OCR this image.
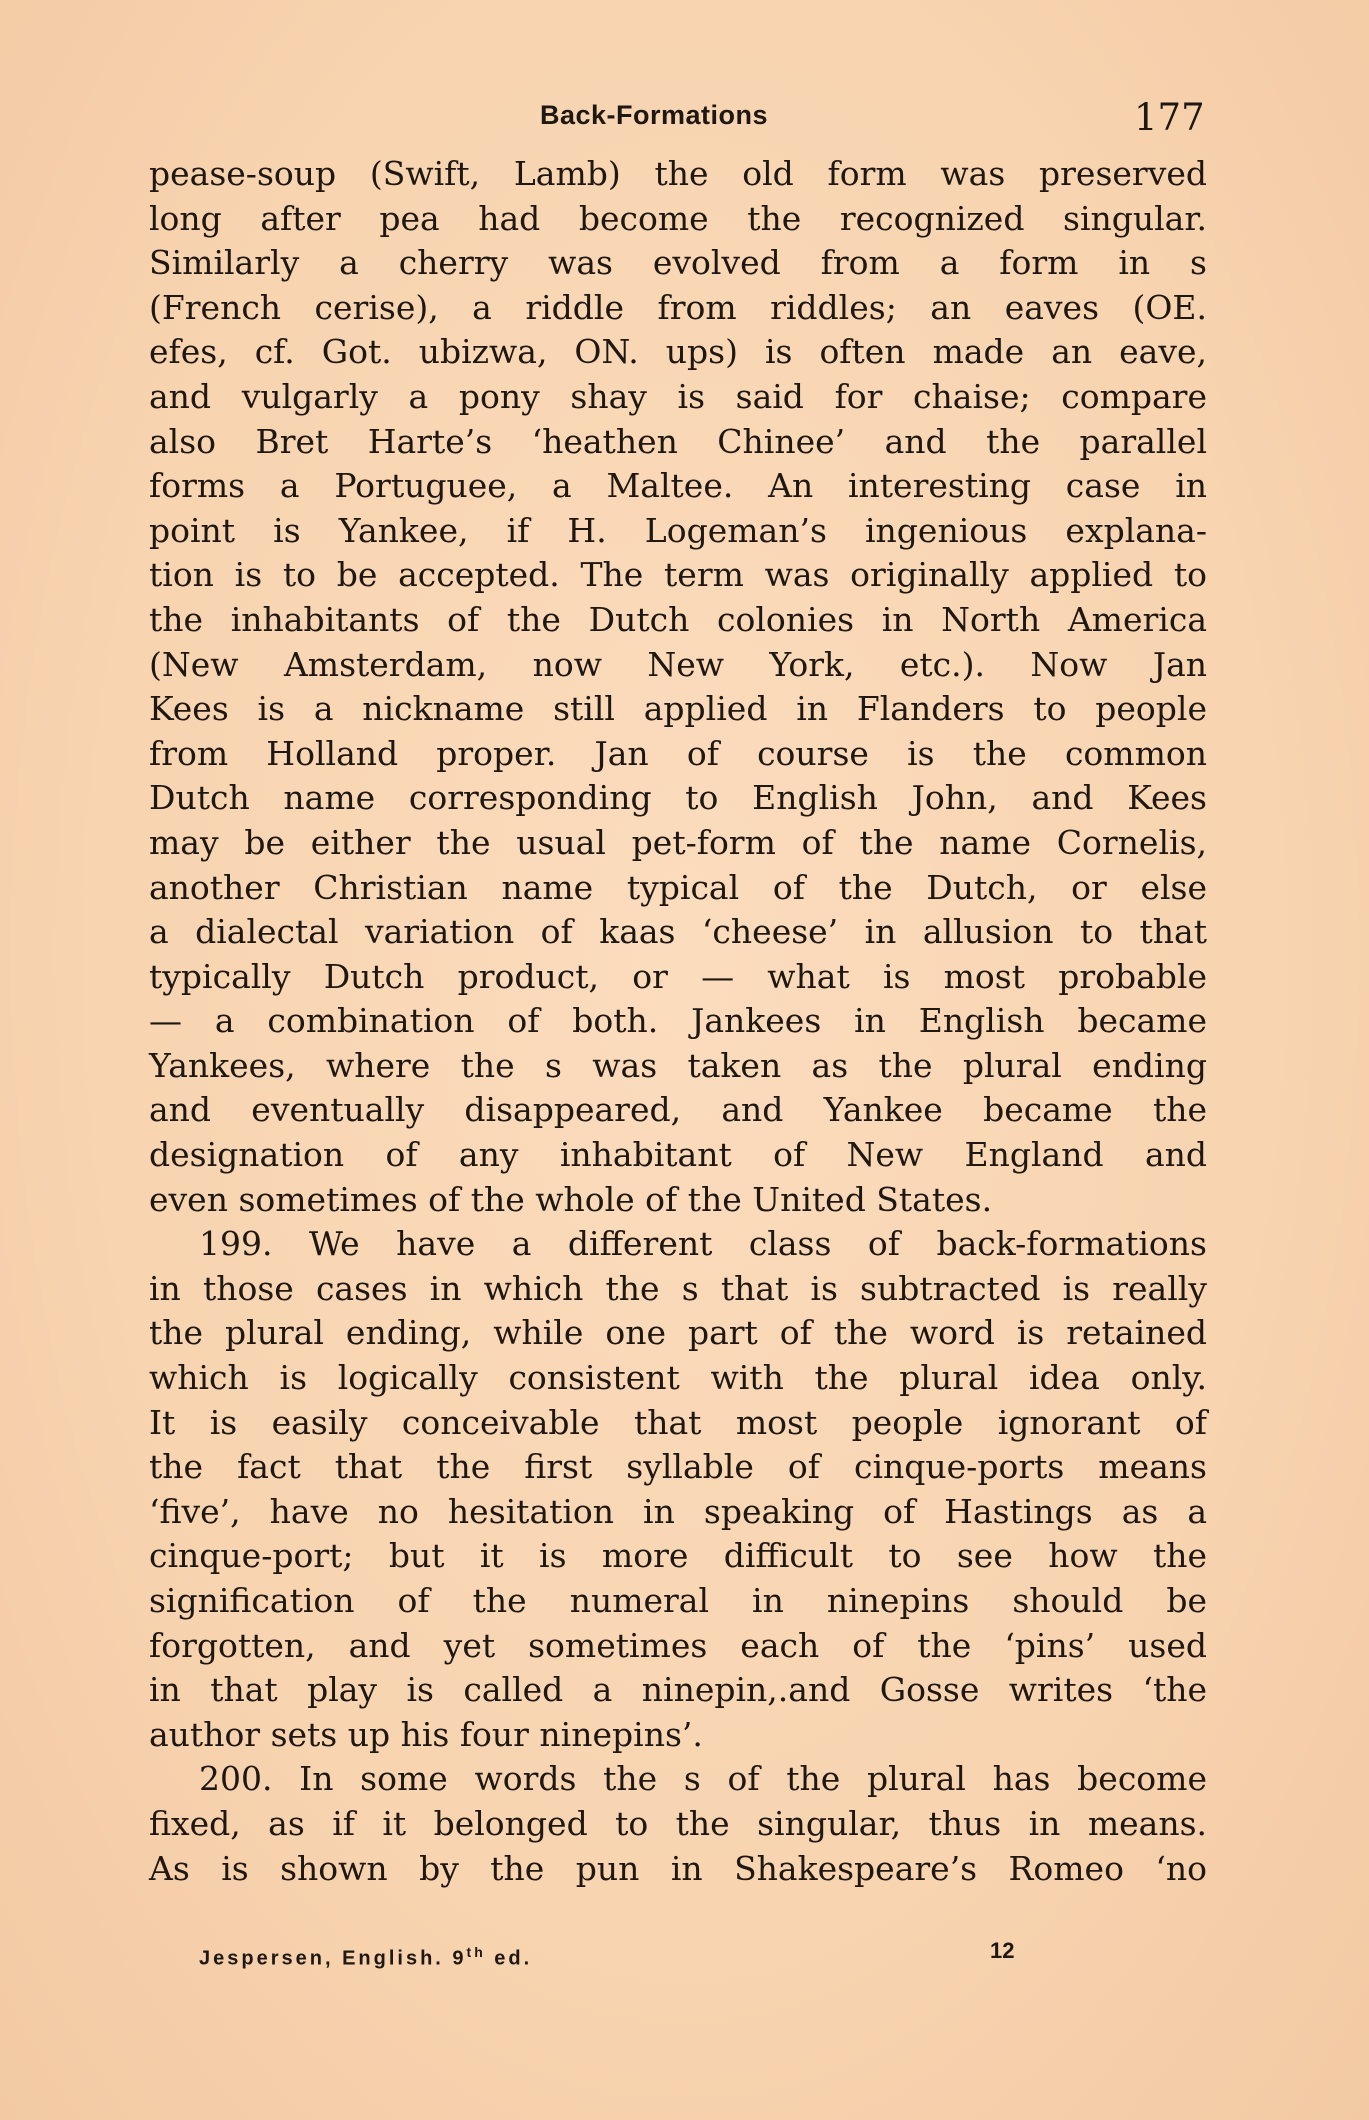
Back-Formations	177
pease-soup (Swift, Lamb) the old form was preserved
long after pea had become the recognized singular.
Similarly a cherry was evolved from a form in s
(French cerise), a riddle from riddles; an eaves (OE.
efes, cf. Got. ubizwa, ON. ups) is often made an eave,
and vulgarly a pony shay is said for chaise; compare
also Bret Harte’s ‘heathen Chinee’ and the parallel
forms a Portuguee, a Maltee. An interesting case in
point is Yankee, if H. Logeman’s ingenious explana-
tion is to be accepted. The term was originally applied to
the inhabitants of the Dutch colonies in North America
(New Amsterdam, now New York, etc.). Now Jan
Kees is a nickname still applied in Flanders to people
from Holland proper. Jan of course is the common
Dutch name corresponding to English John, and Kees
may be either the usual pet-form of the name Cornelis,
another Christian name typical of the Dutch, or else
a dialectal variation of kaas ‘cheese’ in allusion to that
typically Dutch product, or — what is most probable
— a combination of both. Jankees in English became
Yankees, where the s was taken as the plural ending
and eventually disappeared, and Yankee became the
designation of any inhabitant of New England and
even sometimes of the whole of the United States.
199. We have a different class of back-formations
in those cases in which the s that is subtracted is really
the plural ending, while one part of the word is retained
which is logically consistent with the plural idea only.
It is easily conceivable that most people ignorant of
the fact that the first syllable of cinque-ports means
‘five’, have no hesitation in speaking of Hastings as a
cinque-port; but it is more difficult to see how the
signification of the numeral in ninepins should be
forgotten, and yet sometimes each of the ‘pins’ used
in that play is called a ninepin,.and Gosse writes ‘the
author sets up his four ninepins’.
200. In some words the s of the plural has become
fixed, as if it belonged to the singular, thus in means.
As is shown by the pun in Shakespeare’s Romeo ‘no
Jespersen, English. 9th ed.	12
